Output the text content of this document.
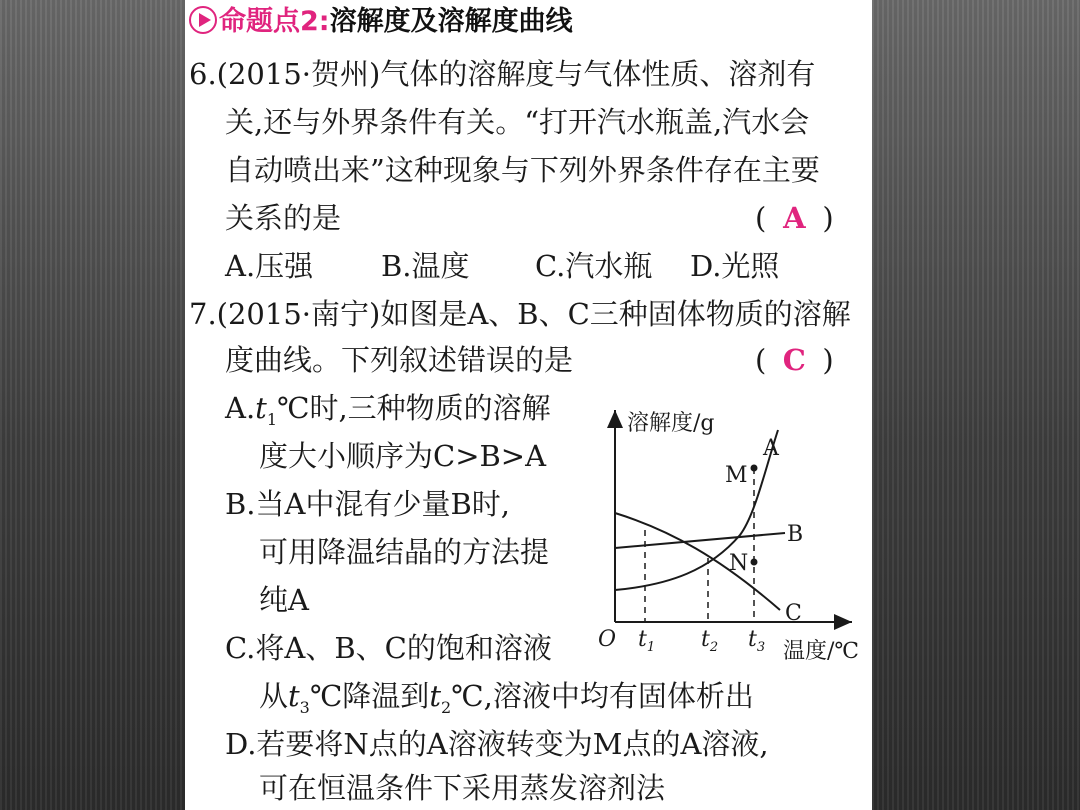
命题点2:溶解度及溶解度曲线
6.(2015·贺州)气体的溶解度与气体性质、溶剂有
关,还与外界条件有关。“打开汽水瓶盖,汽水会
自动喷出来”这种现象与下列外界条件存在主要
关系的是	( A )
A.压强 B.温度 C.汽水瓶 D.光照
7.(2015·南宁)如图是A、B、C三种固体物质的溶解
度曲线。下列叙述错误的是	( C )
$A.t_1℃$时,三种物质的溶解
度大小顺序为C>B>A
B.当A中混有少量B时,
可用降温结晶的方法提
纯A
C.将A、B、C的饱和溶液
从$t_3℃$降温到$t_2℃$,溶液中均有固体析出
D.若要将N点的A溶液转变为M点的A溶液,
可在恒温条件下采用蒸发溶剂法
溶解度/g
温度/℃
O $t_1$ $t_2$ $t_3$
A
B
C
M
N
